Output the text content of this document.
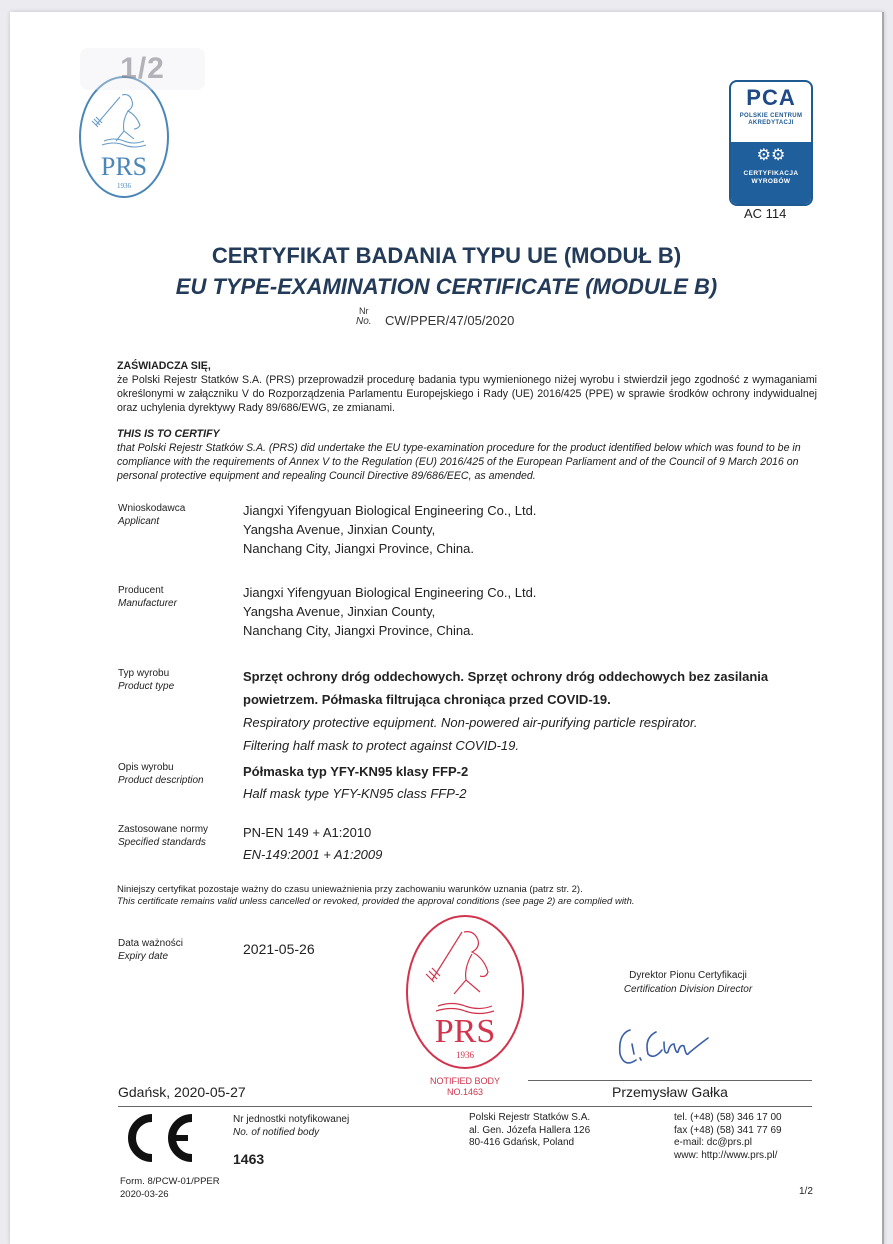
PRS
1936
1/2
PCA
POLSKIE CENTRUM
AKREDYTACJI
⚙⚙
CERTYFIKACJA
WYROBÓW
AC 114
CERTYFIKAT BADANIA TYPU UE (MODUŁ B)
EU TYPE-EXAMINATION CERTIFICATE (MODULE B)
Nr
No. CW/PPER/47/05/2020
ZAŚWIADCZA SIĘ,
że Polski Rejestr Statków S.A. (PRS) przeprowadził procedurę badania typu wymienionego niżej wyrobu i stwierdził jego zgodność z wymaganiami określonymi w załączniku V do Rozporządzenia Parlamentu Europejskiego i Rady (UE) 2016/425 (PPE) w sprawie środków ochrony indywidualnej oraz uchylenia dyrektywy Rady 89/686/EWG, ze zmianami.
THIS IS TO CERTIFY
that Polski Rejestr Statków S.A. (PRS) did undertake the EU type-examination procedure for the product identified below which was found to be in compliance with the requirements of Annex V to the Regulation (EU) 2016/425 of the European Parliament and of the Council of 9 March 2016 on personal protective equipment and repealing Council Directive 89/686/EEC, as amended.
Wnioskodawca
Applicant
Jiangxi Yifengyuan Biological Engineering Co., Ltd.
Yangsha Avenue, Jinxian County,
Nanchang City, Jiangxi Province, China.
Producent
Manufacturer
Jiangxi Yifengyuan Biological Engineering Co., Ltd.
Yangsha Avenue, Jinxian County,
Nanchang City, Jiangxi Province, China.
Typ wyrobu
Product type
Sprzęt ochrony dróg oddechowych. Sprzęt ochrony dróg oddechowych bez zasilania
powietrzem. Półmaska filtrująca chroniąca przed COVID-19.
Respiratory protective equipment. Non-powered air-purifying particle respirator.
Filtering half mask to protect against COVID-19.
Opis wyrobu
Product description
Półmaska typ YFY-KN95 klasy FFP-2
Half mask type YFY-KN95 class FFP-2
Zastosowane normy
Specified standards
PN-EN 149 + A1:2010
EN-149:2001 + A1:2009
Niniejszy certyfikat pozostaje ważny do czasu unieważnienia przy zachowaniu warunków uznania (patrz str. 2).
This certificate remains valid unless cancelled or revoked, provided the approval conditions (see page 2) are complied with.
Data ważności
Expiry date	2021-05-26
PRS
1936
NOTIFIED BODY
NO.1463
Dyrektor Pionu Certyfikacji
Certification Division Director
Gdańsk, 2020-05-27	Przemysław Gałka
Nr jednostki notyfikowanej
No. of notified body
1463
Polski Rejestr Statków S.A.
al. Gen. Józefa Hallera 126
80-416 Gdańsk, Poland
tel. (+48) (58) 346 17 00
fax (+48) (58) 341 77 69
e-mail: dc@prs.pl
www: http://www.prs.pl/
Form. 8/PCW-01/PPER
2020-03-26	1/2
